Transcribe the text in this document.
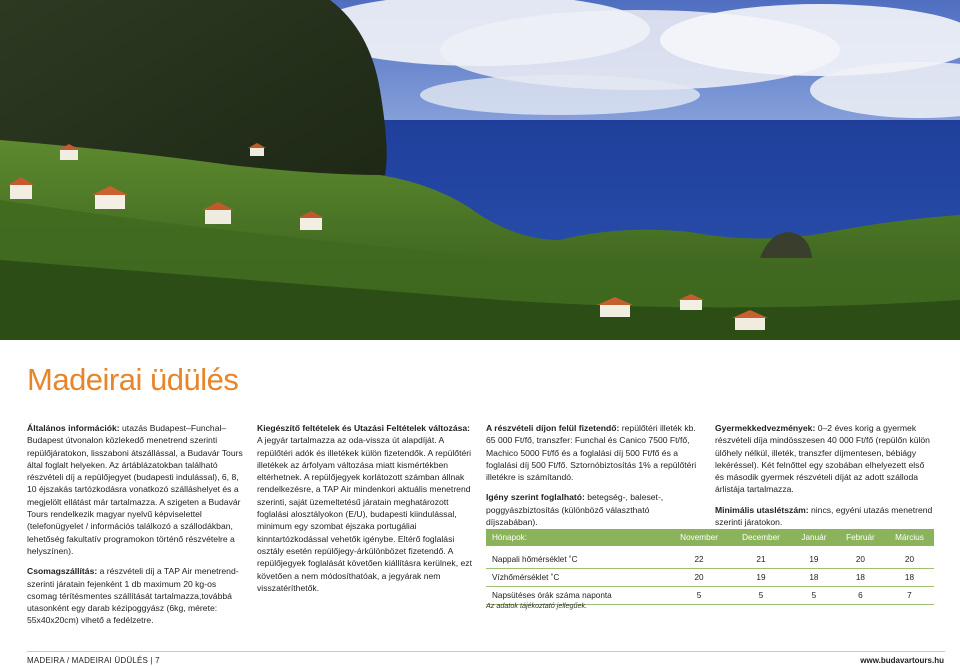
Madeirai üdülés

Általános információk: utazás Budapest–Funchal–Budapest útvonalon közlekedő menetrend szerinti repülőjáratokon, lisszaboni átszállással, a Budavár Tours által foglalt helyeken. Az ártáblázatokban található részvételi díj a repülőjegyet (budapesti indulással), 6, 8, 10 éjszakás tartózkodásra vonatkozó szálláshelyet és a megjelölt ellátást már tartalmazza. A szigeten a Budavár Tours rendelkezik magyar nyelvű képviselettel (telefonügyelet / információs találkozó a szállodákban, lehetőség fakultatív programokon történő részvételre a helyszínen).

Csomagszállítás: a részvételi díj a TAP Air menetrend-szerinti járatain fejenként 1 db maximum 20 kg-os csomag térítésmentes szállítását tartalmazza,továbbá utasonként egy darab kézipoggyász (6kg, mérete: 55x40x20cm) vihető a fedélzetre.

Kiegészítő feltételek és Utazási Feltételek változása:
A jegyár tartalmazza az oda-vissza út alapdíját. A repülőtéri adók és illetékek külön fizetendők. A repülőtéri illetékek az árfolyam változása miatt kismértékben eltérhetnek. A repülőjegyek korlátozott számban állnak rendelkezésre, a TAP Air mindenkori aktuális menetrend szerinti, saját üzemeltetésű járatain meghatározott foglalási alosztályokon (E/U), budapesti kiindulással, minimum egy szombat éjszaka portugáliai kinntartózkodással vehetők igénybe. Eltérő foglalási osztály esetén repülőjegy-árkülönbözet fizetendő. A repülőjegyek foglalását követően kiállításra kerülnek, ezt követően a nem módosíthatóak, a jegyárak nem visszatéríthetők.

A részvételi díjon felül fizetendő: repülőtéri illeték kb. 65 000 Ft/fő, transzfer: Funchal és Canico 7500 Ft/fő, Machico 5000 Ft/fő és a foglalási díj 500 Ft/fő és a foglalási díj 500 Ft/fő. Sztornóbiztosítás 1% a repülőtéri illetékre is számítandó.

Igény szerint foglalható: betegség-, baleset-, poggyászbiztosítás (különböző választható díjszabában).

Gyermekkedvezmények: 0–2 éves korig a gyermek részvételi díja mindösszesen 40 000 Ft/fő (repülőn külön ülőhely nélkül, illeték, transzfer díjmentesen, bébiágy lekéréssel). Két felnőttel egy szobában elhelyezett első és második gyermek részvételi díját az adott szálloda árlistája tartalmazza.

Minimális utaslétszám: nincs, egyéni utazás menetrend szerinti járatokon.

Hónapok:	November	December	Január	Február	Március

Nappali hőmérséklet ˚C	22	21	19	20	20
Vízhőmérséklet ˚C	20	19	18	18	18
Napsütéses órák száma naponta	5	5	5	6	7
Az adatok tájékoztató jellegűek.
MADEIRA / MADEIRAI ÜDÜLÉS | 7	www.budavartours.hu
